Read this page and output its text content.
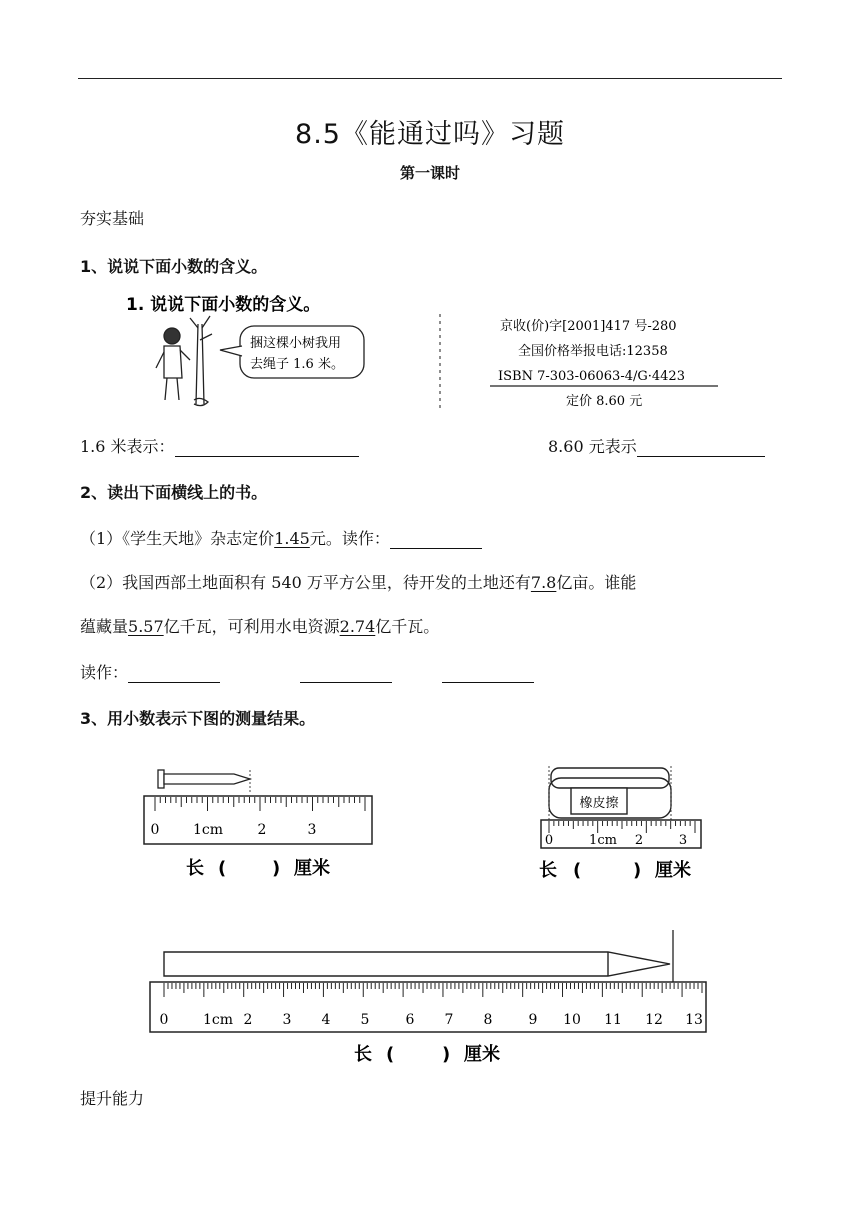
8.5《能通过吗》习题
第一课时
夯实基础
1、说说下面小数的含义。
1. 说说下面小数的含义。
捆这棵小树我用
去绳子 1.6 米。
京收(价)字[2001]417 号-280
全国价格举报电话:12358
ISBN 7-303-06063-4/G·4423
定价 8.60 元
1.6 米表示：	8.60 元表示
2、读出下面横线上的书。
（1）《学生天地》杂志定价1.45元。读作：
（2）我国西部土地面积有 540 万平方公里，待开发的土地还有7.8亿亩。谁能
蕴藏量5.57亿千瓦，可利用水电资源2.74亿千瓦。
读作：
3、用小数表示下图的测量结果。
0 1cm 2	3
长 (	) 厘米
橡皮擦
0	1cm 2	3
长 (	) 厘米
0 1cm 2 3 4 5	6 7 8	9 10 11 12 13
长 (	) 厘米
提升能力
